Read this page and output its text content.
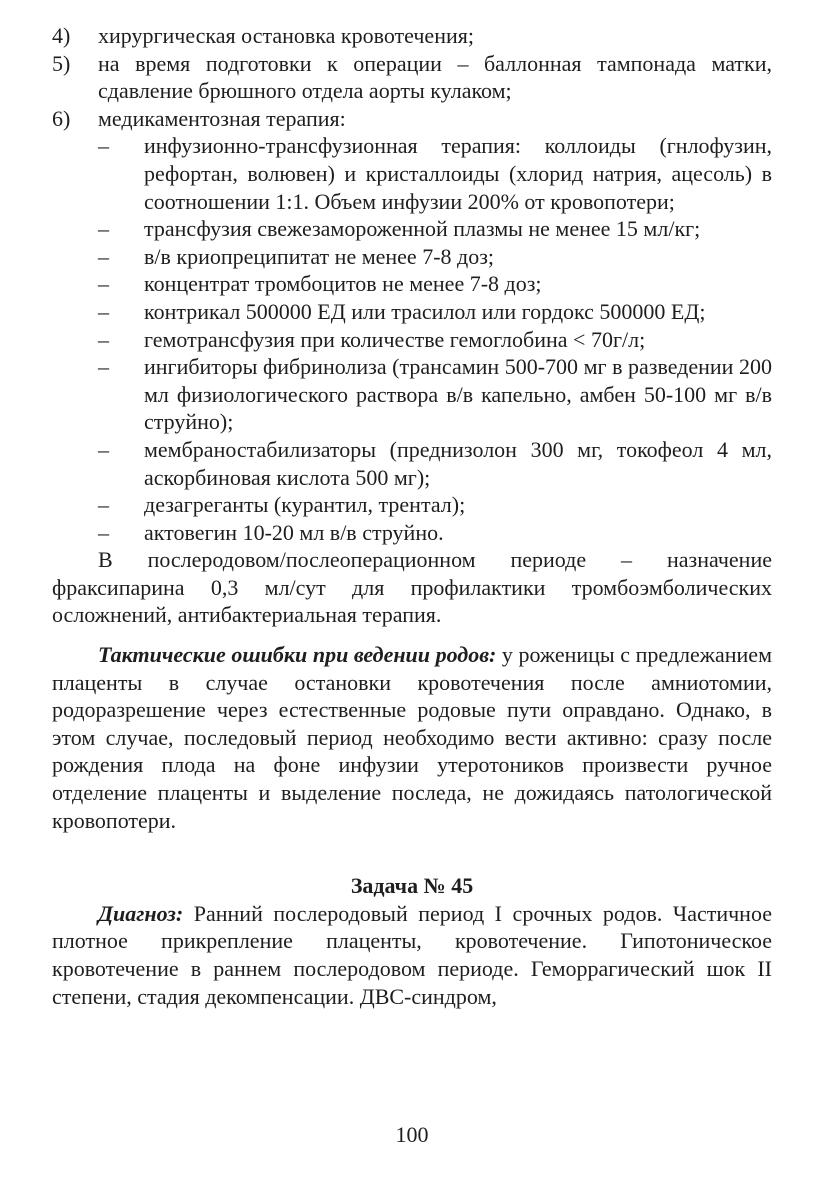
4)	хирургическая остановка кровотечения;
5)	на время подготовки к операции – баллонная тампонада матки, сдавление брюшного отдела аорты кулаком;
6)	медикаментозная терапия:
–	инфузионно-трансфузионная терапия: коллоиды (гнлофузин, рефортан, волювен) и кристаллоиды (хлорид натрия, ацесоль) в соотношении 1:1. Объем инфузии 200% от кровопотери;
–	трансфузия свежезамороженной плазмы не менее 15 мл/кг;
–	в/в криопреципитат не менее 7-8 доз;
–	концентрат тромбоцитов не менее 7-8 доз;
–	контрикал 500000 ЕД или трасилол или гордокс 500000 ЕД;
–	гемотрансфузия при количестве гемоглобина < 70г/л;
–	ингибиторы фибринолиза (трансамин 500-700 мг в разведении 200 мл физиологического раствора в/в капельно, амбен 50-100 мг в/в струйно);
–	мембраностабилизаторы (преднизолон 300 мг, токофеол 4 мл, аскорбиновая кислота 500 мг);
–	дезагреганты (курантил, трентал);
–	актовегин 10-20 мл в/в струйно.

В послеродовом/послеоперационном периоде – назначение фраксипарина 0,3 мл/сут для профилактики тромбоэмболических осложнений, антибактериальная терапия.

Тактические ошибки при ведении родов: у роженицы с предлежанием плаценты в случае остановки кровотечения после амниотомии, родоразрешение через естественные родовые пути оправдано. Однако, в этом случае, последовый период необходимо вести активно: сразу после рождения плода на фоне инфузии утеротоников произвести ручное отделение плаценты и выделение последа, не дожидаясь патологической кровопотери.

Задача № 45

Диагноз: Ранний послеродовый период I срочных родов. Частичное плотное прикрепление плаценты, кровотечение. Гипотоническое кровотечение в раннем послеродовом периоде. Геморрагический шок II степени, стадия декомпенсации. ДВС-синдром,

100
